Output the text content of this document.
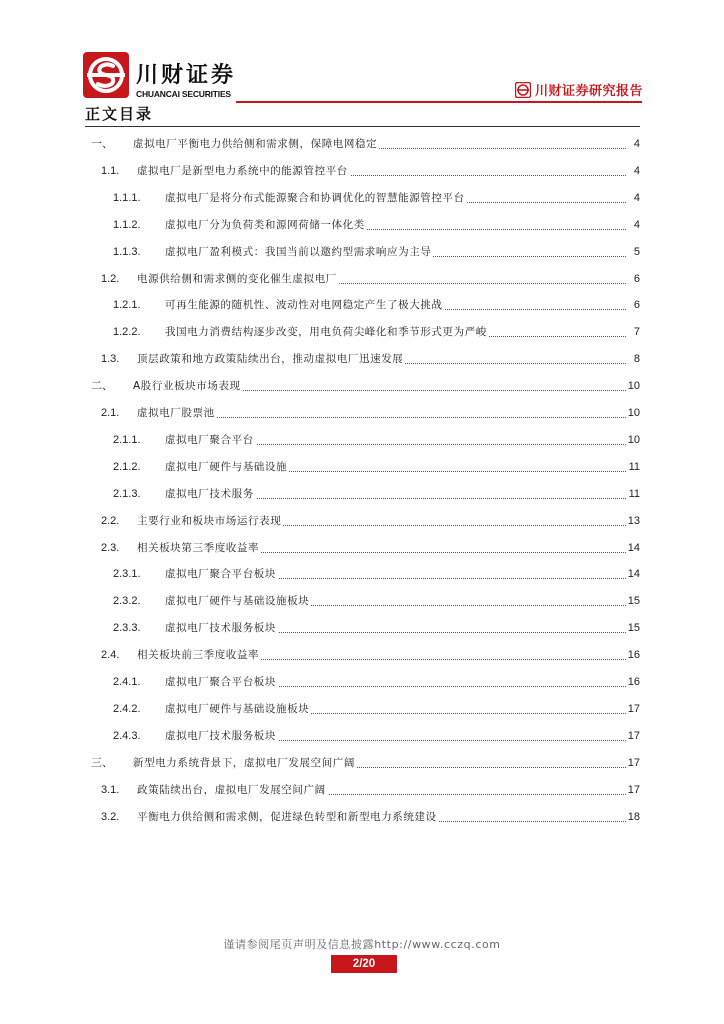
川财证券
CHUANCAI SECURITIES	川财证券研究报告
正文目录
一、 虚拟电厂平衡电力供给侧和需求侧，保障电网稳定	4
1.1. 虚拟电厂是新型电力系统中的能源管控平台	4
1.1.1. 虚拟电厂是将分布式能源聚合和协调优化的智慧能源管控平台	4
1.1.2. 虚拟电厂分为负荷类和源网荷储一体化类	4
1.1.3. 虚拟电厂盈利模式：我国当前以邀约型需求响应为主导	5
1.2. 电源供给侧和需求侧的变化催生虚拟电厂	6
1.2.1. 可再生能源的随机性、波动性对电网稳定产生了极大挑战	6
1.2.2. 我国电力消费结构逐步改变，用电负荷尖峰化和季节形式更为严峻	7
1.3. 顶层政策和地方政策陆续出台，推动虚拟电厂迅速发展	8
二、 A股行业板块市场表现	10
2.1. 虚拟电厂股票池	10
2.1.1. 虚拟电厂聚合平台	10
2.1.2. 虚拟电厂硬件与基础设施	11
2.1.3. 虚拟电厂技术服务	11
2.2. 主要行业和板块市场运行表现	13
2.3. 相关板块第三季度收益率	14
2.3.1. 虚拟电厂聚合平台板块	14
2.3.2. 虚拟电厂硬件与基础设施板块	15
2.3.3. 虚拟电厂技术服务板块	15
2.4. 相关板块前三季度收益率	16
2.4.1. 虚拟电厂聚合平台板块	16
2.4.2. 虚拟电厂硬件与基础设施板块	17
2.4.3. 虚拟电厂技术服务板块	17
三、 新型电力系统背景下，虚拟电厂发展空间广阔	17
3.1. 政策陆续出台，虚拟电厂发展空间广阔	17
3.2. 平衡电力供给侧和需求侧，促进绿色转型和新型电力系统建设	18
谨请参阅尾页声明及信息披露http://www.cczq.com
2/20
